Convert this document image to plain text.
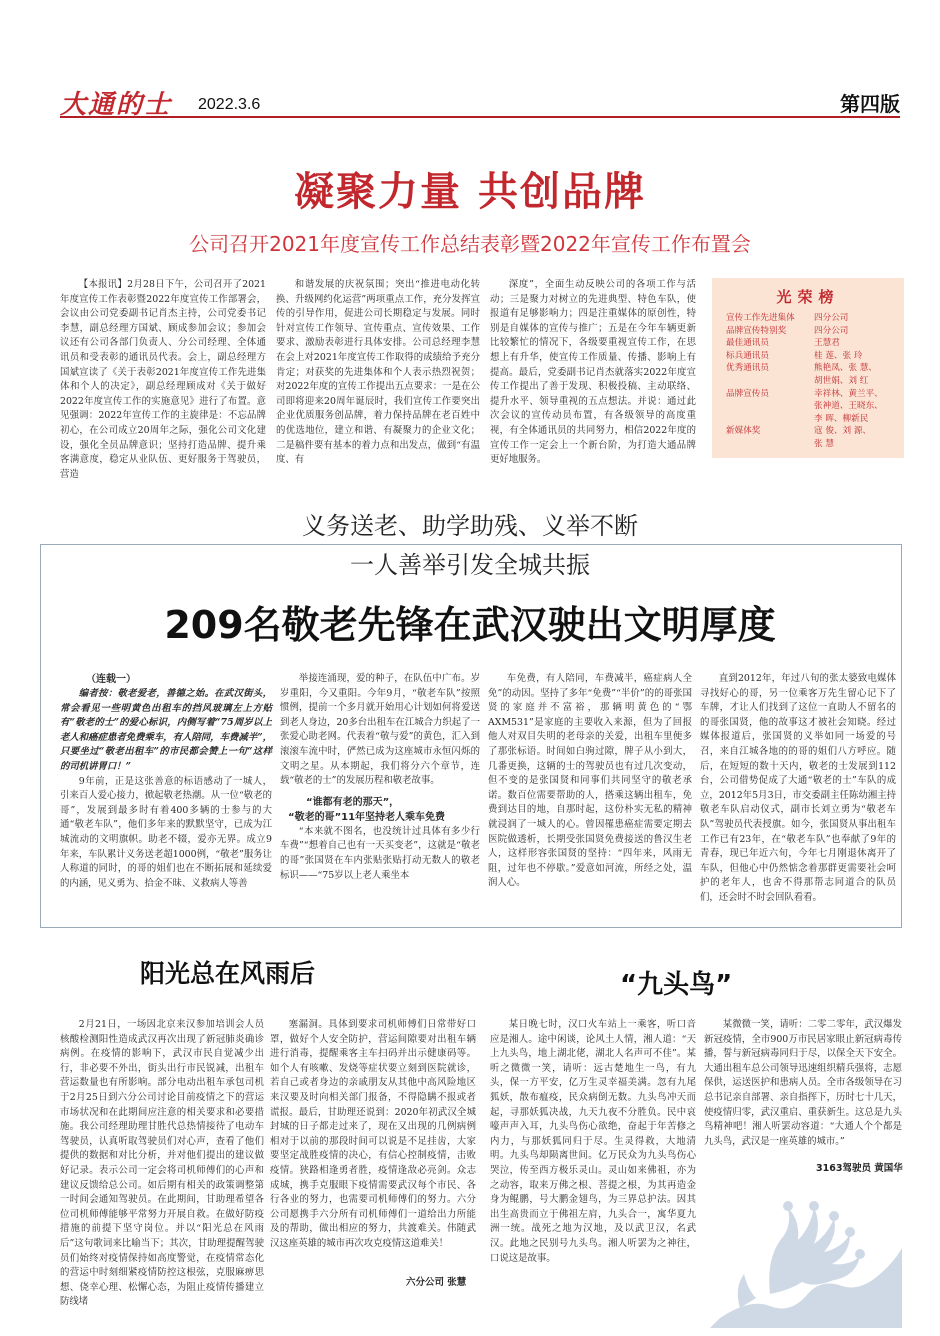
大通的士 2022.3.6	第四版
凝聚力量 共创品牌
公司召开2021年度宣传工作总结表彰暨2022年宣传工作布置会

【本报讯】2月28日下午，公司召开了2021年度宣传工作表彰暨2022年度宣传工作部署会，会议由公司党委副书记肖杰主持，公司党委书记李慧，副总经理方国斌、顾成参加会议；参加会议还有公司各部门负责人、分公司经理、全体通讯员和受表彰的通讯员代表。会上，副总经理方国斌宣读了《关于表彰2021年度宣传工作先进集体和个人的决定》，副总经理顾成对《关于做好2022年度宣传工作的实施意见》进行了布置。意见强调：2022年宣传工作的主旋律是：不忘品牌初心，在公司成立20周年之际，强化公司文化建设，强化全员品牌意识；坚持打造品牌、提升乘客满意度，稳定从业队伍、更好服务于驾驶员，营造

和谐发展的庆祝氛围；突出“推进电动化转换、升级网约化运营”两项重点工作，充分发挥宣传的引导作用，促进公司长期稳定与发展。同时针对宣传工作领导、宣传重点、宣传效果、工作要求、激励表彰进行具体安排。公司总经理李慧在会上对2021年度宣传工作取得的成绩给予充分肯定；对获奖的先进集体和个人表示热烈祝贺；对2022年度的宣传工作提出五点要求：一是在公司即将迎来20周年诞辰时，我们宣传工作要突出企业优质服务创品牌，着力保持品牌在老百姓中的优选地位，建立和谐、有凝聚力的企业文化；二是稿件要有基本的着力点和出发点，做到“有温度、有

深度”，全面生动反映公司的各项工作与活动；三是聚力对树立的先进典型、特色车队，使报道有足够影响力；四是注重媒体的原创性，特别是自媒体的宣传与推广；五是在今年车辆更新比较繁忙的情况下，各级要重视宣传工作，在思想上有升华，使宣传工作质量、传播、影响上有提高。最后，党委副书记肖杰就落实2022年度宣传工作提出了善于发现、积极投稿、主动联络、提升水平、领导重视的五点想法。并说：通过此次会议的宣传动员布置，有各级领导的高度重视，有全体通讯员的共同努力，相信2022年度的宣传工作一定会上一个新台阶，为打造大通品牌更好地服务。

光荣榜
宣传工作先进集体	四分公司
品牌宣传特别奖	四分公司
最佳通讯员	王慧君
标兵通讯员	桂 莲、张 玲
优秀通讯员	熊艳凤、张 慧、
胡世娟、刘 红
品牌宣传员	幸祥林、黄兰平、
张神道、王晓东、
李 晖、柳新民
新媒体奖	寇 俊、刘 源、
张 慧
义务送老、助学助残、义举不断
一人善举引发全城共振
209名敬老先锋在武汉驶出文明厚度
（连载一）

编者按：敬老爱老，善德之始。在武汉街头，常会看见一些明黄色出租车的挡风玻璃左上方贴有“敬老的士”的爱心标识，内侧写着“75周岁以上老人和癌症患者免费乘车，有人陪同，车费减半”，只要坐过“敬老出租车”的市民都会赞上一句“这样的司机讲胃口！”

9年前，正是这张善意的标语感动了一城人，引来百人爱心接力，掀起敬老热潮。从一位“敬老的哥”，发展到最多时有着400多辆的士参与的大通“敬老车队”，他们多年来的默默坚守，已成为江城流动的文明旗帜。助老不辍，爱亦无界。成立9年来，车队累计义务送老超1000例，“敬老”服务让人称道的同时，的哥的姐们也在不断拓展和延续爱的内涵，见义勇为、拾金不昧、义救病人等善

举接连涌现，爱的种子，在队伍中广布。岁岁重阳，今又重阳。今年9月，“敬老车队”按照惯例，提前一个多月就开始用心计划如何将爱送到老人身边，20多台出租车在江城合力织起了一张爱心助老网。代表着“敬与爱”的黄色，汇入到滚滚车流中时，俨然已成为这座城市永恒闪烁的文明之星。从本期起，我们将分六个章节，连载“敬老的士”的发展历程和敬老故事。

“谁都有老的那天”，
“敬老的哥”11年坚持老人乘车免费

“本来就不图名，也没统计过具体有多少行车费”“想着自己也有一天买变老”，这就是“敬老的哥”张国贤在车内张贴张贴打动无数人的敬老标识——“75岁以上老人乘坐本

车免费，有人陪同，车费减半，癌症病人全免”的动因。坚持了多年“免费”“半价”的的哥张国贤的家庭并不富裕，那辆明黄色的“鄂AXM531”是家庭的主要收入来源，但为了回报他人对双目失明的老母亲的关爱，出租车里便多了那张标语。时间如白驹过隙，牌子从小到大，几番更换，这辆的士的驾驶员也有过几次变动，但不变的是张国贤和同事们共同坚守的敬老承诺。数百位需要帮助的人，搭乘这辆出租车，免费到达目的地，自那时起，这份朴实无私的精神就浸润了一城人的心。曾因罹患癌症需要定期去医院做透析，长期受张国贤免费接送的鲁汉生老人，这样形容张国贤的坚持：“四年来，风雨无阻，过年也不停歇。”爱意如河流，所经之处，温润人心。

直到2012年，年过八旬的张太婆致电媒体寻找好心的哥，另一位乘客万先生留心记下了车牌，才让人们找到了这位一直助人不留名的的哥张国贤，他的故事这才被社会知晓。经过媒体报道后，张国贤的义举如同一场爱的号召，来自江城各地的的哥的姐们八方呼应。随后，在短短的数十天内，敬老的士发展到112台，公司借势促成了大通“敬老的士”车队的成立，2012年5月3日，市交委副主任陈幼湘主持敬老车队启动仪式，副市长刘立勇为“敬老车队”驾驶员代表授旗。如今，张国贤从事出租车工作已有23年，在“敬老车队”也奉献了9年的青春，现已年近六旬，今年七月刚退休离开了车队，但他心中仍然惦念着那群更需要社会呵护的老年人，也舍不得那帮志同道合的队员们，还会时不时会回队看看。

阳光总在风雨后

2月21日，一场因北京来汉参加培训会人员核酸检测阳性造成武汉再次出现了新冠肺炎确诊病例。在疫情的影响下，武汉市民自觉减少出行，非必要不外出，街头出行市民锐减，出租车营运数量也有所影响。部分电动出租车承包司机于2月25日到六分公司讨论目前疫情之下的营运市场状况和在此期间应注意的相关要求和必要措施。我公司经理助理甘胜代总热情接待了电动车驾驶员，认真听取驾驶员们对心声，查看了他们提供的数据和对比分析，并对他们提出的建议做好记录。表示公司一定会将司机师傅们的心声和建议反馈给总公司。如后期有相关的政策调整第一时间会通知驾驶员。在此期间，甘助理希望各位司机师傅能够平常努力开展自救。在做好防疫措施的前提下坚守岗位。并以“阳光总在风雨后”这句歌词来比喻当下；其次，甘助理提醒驾驶员们始终对疫情保持如高度警觉，在疫情常态化的营运中时刻细紧疫情防控这根弦，克服麻痹思想、侥幸心理、松懈心态，为阻止疫情传播建立防线堵

塞漏洞。具体到要求司机师傅们日常带好口罩，做好个人安全防护，营运间隙要对出租车辆进行消毒，提醒乘客主车扫码并出示健康码等。如个人有咳嗽、发烧等症状要立刻到医院就诊，若自己或者身边的亲戚朋友从其他中高风险地区来汉要及时向相关部门报备，不得隐瞒不报或者谎报。最后，甘助理还说到：2020年初武汉全城封城的日子都走过来了，现在又出现的几例病例相对于以前的那段时间可以说是不足挂齿，大家要坚定战胜疫情的决心，有信心控制疫情，击败疫情。狭路相逢勇者胜，疫情逢敌必亮剑。众志成城，携手克服眼下疫情需要武汉每个市民、各行各业的努力，也需要司机师傅们的努力。六分公司愿携手六分所有司机师傅们一道给出力所能及的帮助，做出相应的努力，共渡难关。伟随武汉这座英雄的城市再次攻克疫情这道难关！

六分公司 张慧
“九头鸟”

某日晚七时，汉口火车站上一乘客，听口音应是湘人。途中闲谈，论风土人情，湘人道：“天上九头鸟，地上湖北佬，湖北人名声可不佳”。某听之微微一笑，请听：远古楚地生一鸟，有九头，保一方平安，亿万生灵幸福美满。忽有九尾狐妖，散布瘟疫，民众病倒无数。九头鸟冲天而起，寻那妖狐决战，九天九夜不分胜负。民中哀嚎声声入耳，九头鸟伤心欲绝，奋起于年苦修之内力，与那妖狐同归于尽。生灵得救，大地清明。九头鸟却陨离世间。亿万民众为九头鸟伤心哭泣，传至西方极乐灵山。灵山如来佛祖，亦为之动容，取来万佛之根、菩提之根，为其再造金身为鲲鹏，号大鹏金翅鸟，为三界总护法。因其出生高贵而立于佛祖左肩，九头合一，寓华夏九洲一统。战死之地为汉地，及以武卫汉，名武汉。此地之民别号九头鸟。湘人听罢为之神往，口说这是故事。

某微微一笑，请听：二零二零年，武汉爆发新冠疫情，全市900万市民居家眼止新冠病毒传播，誓与新冠病毒同归于尽，以保全天下安全。大通出租车总公司领导迅速组织精兵强将，志愿保供，运送医护和患病人员。全市各级领导在习总书记亲自部署、亲自指挥下，历时七十几天，使疫情归零，武汉重启、重获新生。这总是九头鸟精神吧！湘人听罢动容道：“大通人个个都是九头鸟，武汉是一座英雄的城市。”

3163驾驶员 黄国华
